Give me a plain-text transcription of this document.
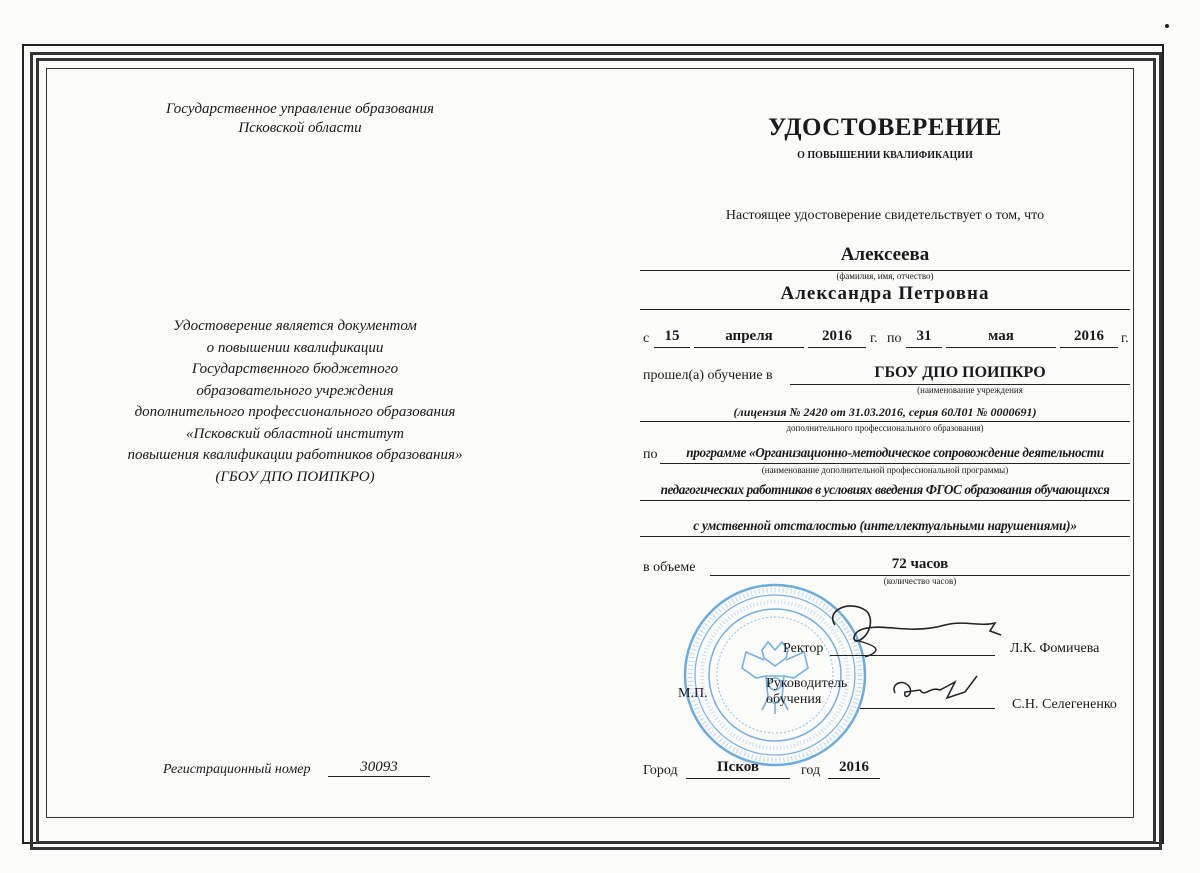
Государственное управление образования
Псковской области
Удостоверение является документом
о повышении квалификации
Государственного бюджетного
образовательного учреждения
дополнительного профессионального образования
«Псковский областной институт
повышения квалификации работников образования»
(ГБОУ ДПО ПОИПКРО)
Регистрационный номер	30093
УДОСТОВЕРЕНИЕ
О ПОВЫШЕНИИ КВАЛИФИКАЦИИ
Настоящее удостоверение свидетельствует о том, что
Алексеева
(фамилия, имя, отчество)
Александра Петровна
с	15	апреля	2016	г. по	31	мая	2016	г.
прошел(а) обучение в	ГБОУ ДПО ПОИПКРО
(наименование учреждения
(лицензия № 2420 от 31.03.2016, серия 60Л01 № 0000691)
дополнительного профессионального образования)
по	программе «Организационно-методическое сопровождение деятельности
(наименование дополнительной профессиональной программы)
педагогических работников в условиях введения ФГОС образования обучающихся
с умственной отсталостью (интеллектуальными нарушениями)»
в объеме	72 часов
(количество часов)
Ректор	Л.К. Фомичева
М.П.
Руководитель
обучения	С.Н. Селегененко
Город	Псков	год	2016
